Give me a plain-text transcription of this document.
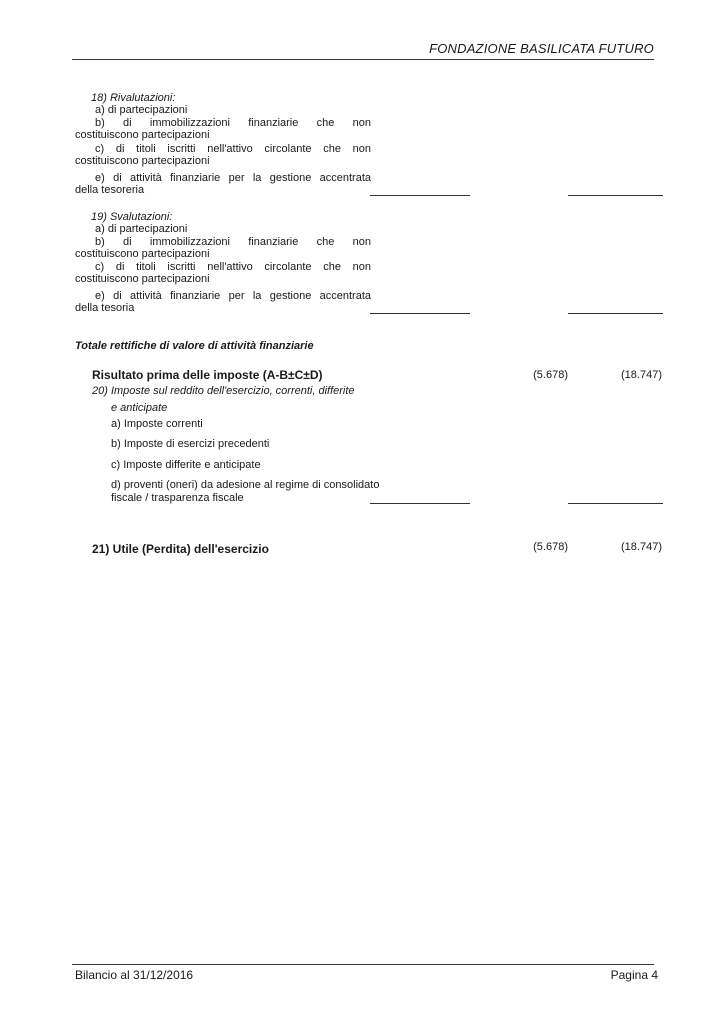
FONDAZIONE BASILICATA FUTURO
18) Rivalutazioni:
a) di partecipazioni
b) di immobilizzazioni finanziarie che non
costituiscono partecipazioni
c) di titoli iscritti nell'attivo circolante che non
costituiscono partecipazioni
e) di attività finanziarie per la gestione accentrata
della tesoreria
19) Svalutazioni:
a) di partecipazioni
b) di immobilizzazioni finanziarie che non
costituiscono partecipazioni
c) di titoli iscritti nell'attivo circolante che non
costituiscono partecipazioni
e) di attività finanziarie per la gestione accentrata
della tesoria
Totale rettifiche di valore di attività finanziarie
Risultato prima delle imposte (A-B±C±D)	(5.678)	(18.747)
20) Imposte sul reddito dell'esercizio, correnti, differite
e anticipate
a) Imposte correnti
b) Imposte di esercizi precedenti
c) Imposte differite e anticipate
d) proventi (oneri) da adesione al regime di consolidato
fiscale / trasparenza fiscale
21) Utile (Perdita) dell'esercizio	(5.678)	(18.747)
Bilancio al 31/12/2016	Pagina 4
